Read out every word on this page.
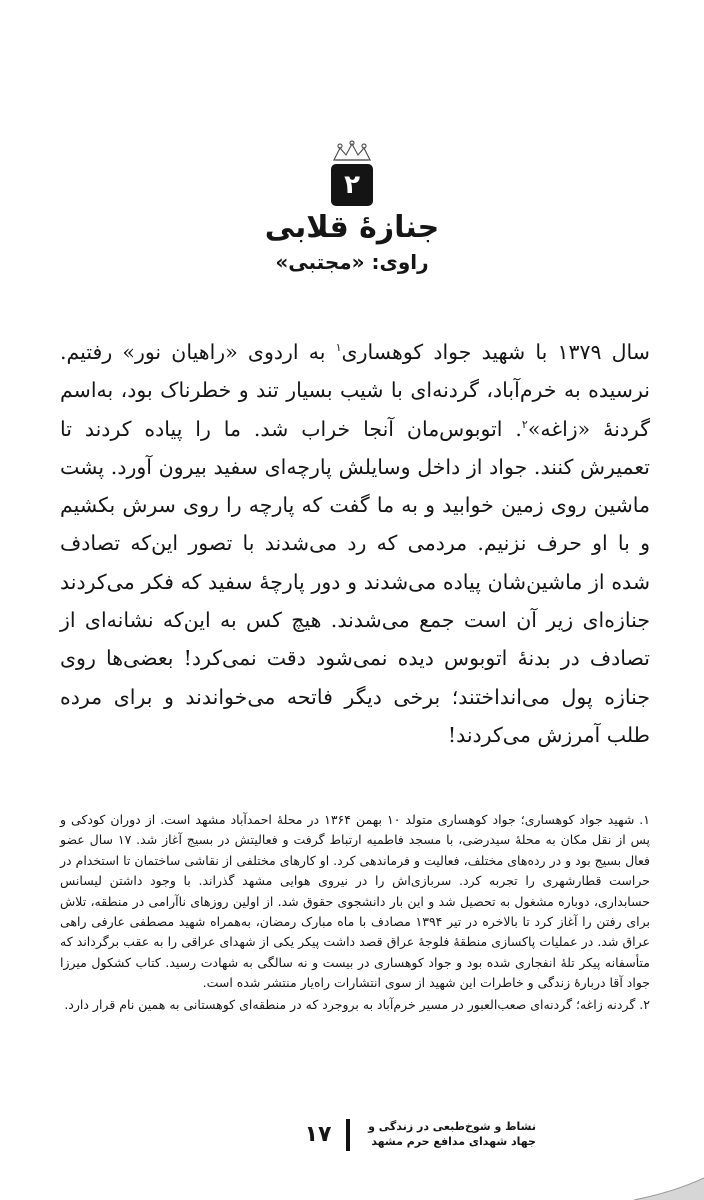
۲
جنازهٔ قلابی
راوی: «مجتبی»

سال ۱۳۷۹ با شهید جواد کوهساری$^۱$ به اردوی «راهیان نور» رفتیم. نرسیده به خرم‌آباد، گردنه‌ای با شیب بسیار تند و خطرناک بود، به‌اسم گردنهٔ «زاغه»$^۲$. اتوبوس‌مان آنجا خراب شد. ما را پیاده کردند تا تعمیرش کنند. جواد از داخل وسایلش پارچه‌ای سفید بیرون آورد. پشت ماشین روی زمین خوابید و به ما گفت که پارچه را روی سرش بکشیم و با او حرف نزنیم. مردمی که رد می‌شدند با تصور این‌که تصادف شده از ماشین‌شان پیاده می‌شدند و دور پارچهٔ سفید که فکر می‌کردند جنازه‌ای زیر آن است جمع می‌شدند. هیچ کس به این‌که نشانه‌ای از تصادف در بدنهٔ اتوبوس دیده نمی‌شود دقت نمی‌کرد! بعضی‌ها روی جنازه پول می‌انداختند؛ برخی دیگر فاتحه می‌خواندند و برای مرده طلب آمرزش می‌کردند!

۱. شهید جواد کوهساری؛ جواد کوهساری متولد ۱۰ بهمن ۱۳۶۴ در محلهٔ احمدآباد مشهد است. از دوران کودکی و پس از نقل مکان به محلهٔ سیدرضی، با مسجد فاطمیه ارتباط گرفت و فعالیتش در بسیج آغاز شد. ۱۷ سال عضو فعال بسیج بود و در رده‌های مختلف، فعالیت و فرماندهی کرد. او کارهای مختلفی از نقاشی ساختمان تا استخدام در حراست قطارشهری را تجربه کرد. سربازی‌اش را در نیروی هوایی مشهد گذراند. با وجود داشتن لیسانس حسابداری، دوباره مشغول به تحصیل شد و این بار دانشجوی حقوق شد. از اولین روزهای ناآرامی در منطقه، تلاش برای رفتن را آغاز کرد تا بالاخره در تیر ۱۳۹۴ مصادف با ماه مبارک رمضان، به‌همراه شهید مصطفی عارفی راهی عراق شد. در عملیات پاکسازی منطقهٔ فلوجهٔ عراق قصد داشت پیکر یکی از شهدای عراقی را به عقب برگرداند که متأسفانه پیکر تلهٔ انفجاری شده بود و جواد کوهساری در بیست و نه سالگی به شهادت رسید. کتاب کشکول میرزا جواد آقا دربارهٔ زندگی و خاطرات این شهید از سوی انتشارات راه‌یار منتشر شده است.

۲. گردنه زاغه؛ گردنه‌ای صعب‌العبور در مسیر خرم‌آباد به بروجرد که در منطقه‌ای کوهستانی به همین نام قرار دارد.

۱۷	نشاط و شوخ‌طبعی در زندگی و جهاد شهدای مدافع حرم مشهد
